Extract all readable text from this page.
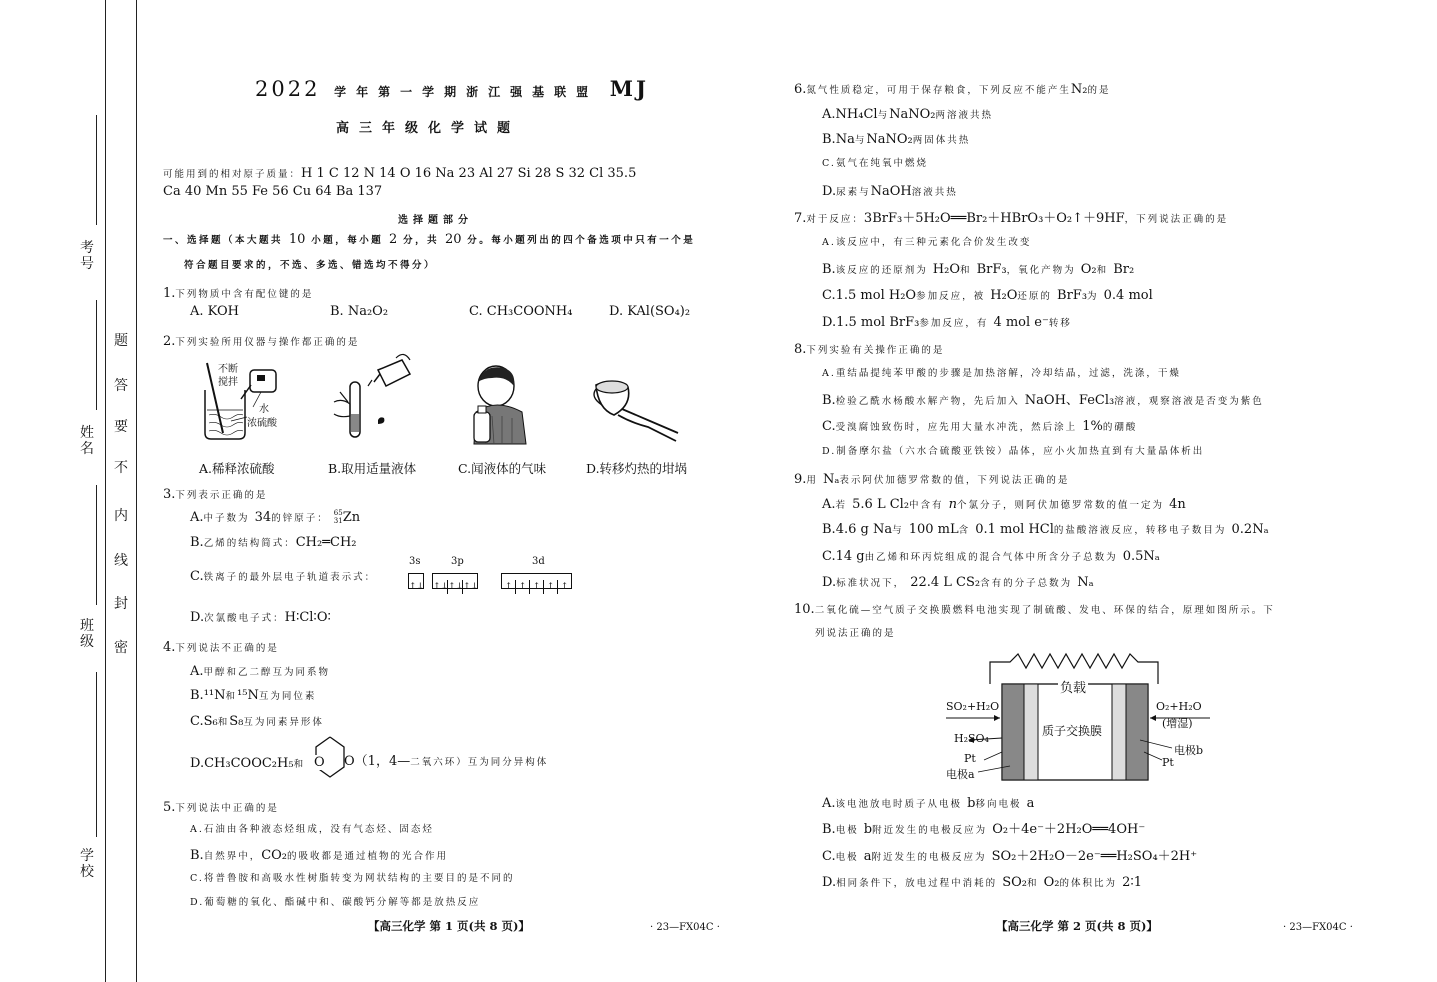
考号
姓名
班级
学校
题
答
要
不
内
线
封
密
2022 学年第一学期浙江强基联盟 MJ
高三年级化学试题
可能用到的相对原子质量：H 1 C 12 N 14 O 16 Na 23 Al 27 Si 28 S 32 Cl 35.5
Ca 40 Mn 55 Fe 56 Cu 64 Ba 137
选择题部分
一、选择题（本大题共 10 小题，每小题 2 分，共 20 分。每小题列出的四个备选项中只有一个是
符合题目要求的，不选、多选、错选均不得分）
1.下列物质中含有配位键的是
A. KOH	B. Na₂O₂	C. CH₃COONH₄	D. KAl(SO₄)₂
2.下列实验所用仪器与操作都正确的是
不断
搅拌
水
浓硫酸
A.稀释浓硫酸	B.取用适量液体	C.闻液体的气味	D.转移灼热的坩埚
3.下列表示正确的是
A.中子数为 34的锌原子： 65
31Zn
B.乙烯的结构简式：CH₂═CH₂
C.铁离子的最外层电子轨道表示式：
3s	3p	3d
↑↓ ↑↓↑↓↑↓	↑ ↑ ↑ ↑ ↑
D.次氯酸电子式：H∶Cl∶O∶
4.下列说法不正确的是
A.甲醇和乙二醇互为同系物
B.¹¹N和¹⁵N互为同位素
C.S₆和S₈互为同素异形体
D.CH₃COOC₂H₅和 O O（1，4—二氧六环）互为同分异构体
5.下列说法中正确的是
A.石油由各种液态烃组成，没有气态烃、固态烃
B.自然界中，CO₂的吸收都是通过植物的光合作用
C.将普鲁胺和高吸水性树脂转变为网状结构的主要目的是不同的
D.葡萄糖的氧化、酯碱中和、碳酸钙分解等都是放热反应
【高三化学 第 1 页(共 8 页)】	· 23—FX04C ·
6.氮气性质稳定，可用于保存粮食，下列反应不能产生N₂的是
A.NH₄Cl与NaNO₂两溶液共热
B.Na与NaNO₂两固体共热
C.氨气在纯氧中燃烧
D.尿素与NaOH溶液共热
7.对于反应：3BrF₃＋5H₂O══Br₂＋HBrO₃＋O₂↑＋9HF，下列说法正确的是
A.该反应中，有三种元素化合价发生改变
B.该反应的还原剂为 H₂O和 BrF₃，氧化产物为 O₂和 Br₂
C.1.5 mol H₂O参加反应，被 H₂O还原的 BrF₃为 0.4 mol
D.1.5 mol BrF₃参加反应，有 4 mol e⁻转移
8.下列实验有关操作正确的是
A.重结晶提纯苯甲酸的步骤是加热溶解，冷却结晶，过滤，洗涤，干燥
B.检验乙酰水杨酸水解产物，先后加入 NaOH、FeCl₃溶液，观察溶液是否变为紫色
C.受溴腐蚀致伤时，应先用大量水冲洗，然后涂上 1%的硼酸
D.制备摩尔盐（六水合硫酸亚铁铵）晶体，应小火加热直到有大量晶体析出
9.用 Nₐ表示阿伏加德罗常数的值，下列说法正确的是
A.若 5.6 L Cl₂中含有 n个氯分子，则阿伏加德罗常数的值一定为 4n
B.4.6 g Na与 100 mL含 0.1 mol HCl的盐酸溶液反应，转移电子数目为 0.2Nₐ
C.14 g由乙烯和环丙烷组成的混合气体中所含分子总数为 0.5Nₐ
D.标准状况下， 22.4 L CS₂含有的分子总数为 Nₐ
10.二氧化硫—空气质子交换膜燃料电池实现了制硫酸、发电、环保的结合，原理如图所示。下
列说法正确的是
负载
SO₂+H₂O	O₂+H₂O
(增湿)
H₂SO₄
质子交换膜
Pt
电极a
Pt
电极b
A.该电池放电时质子从电极 b移向电极 a
B.电极 b附近发生的电极反应为 O₂＋4e⁻＋2H₂O══4OH⁻
C.电极 a附近发生的电极反应为 SO₂＋2H₂O－2e⁻══H₂SO₄＋2H⁺
D.相同条件下，放电过程中消耗的 SO₂和 O₂的体积比为 2∶1
【高三化学 第 2 页(共 8 页)】	· 23—FX04C ·
